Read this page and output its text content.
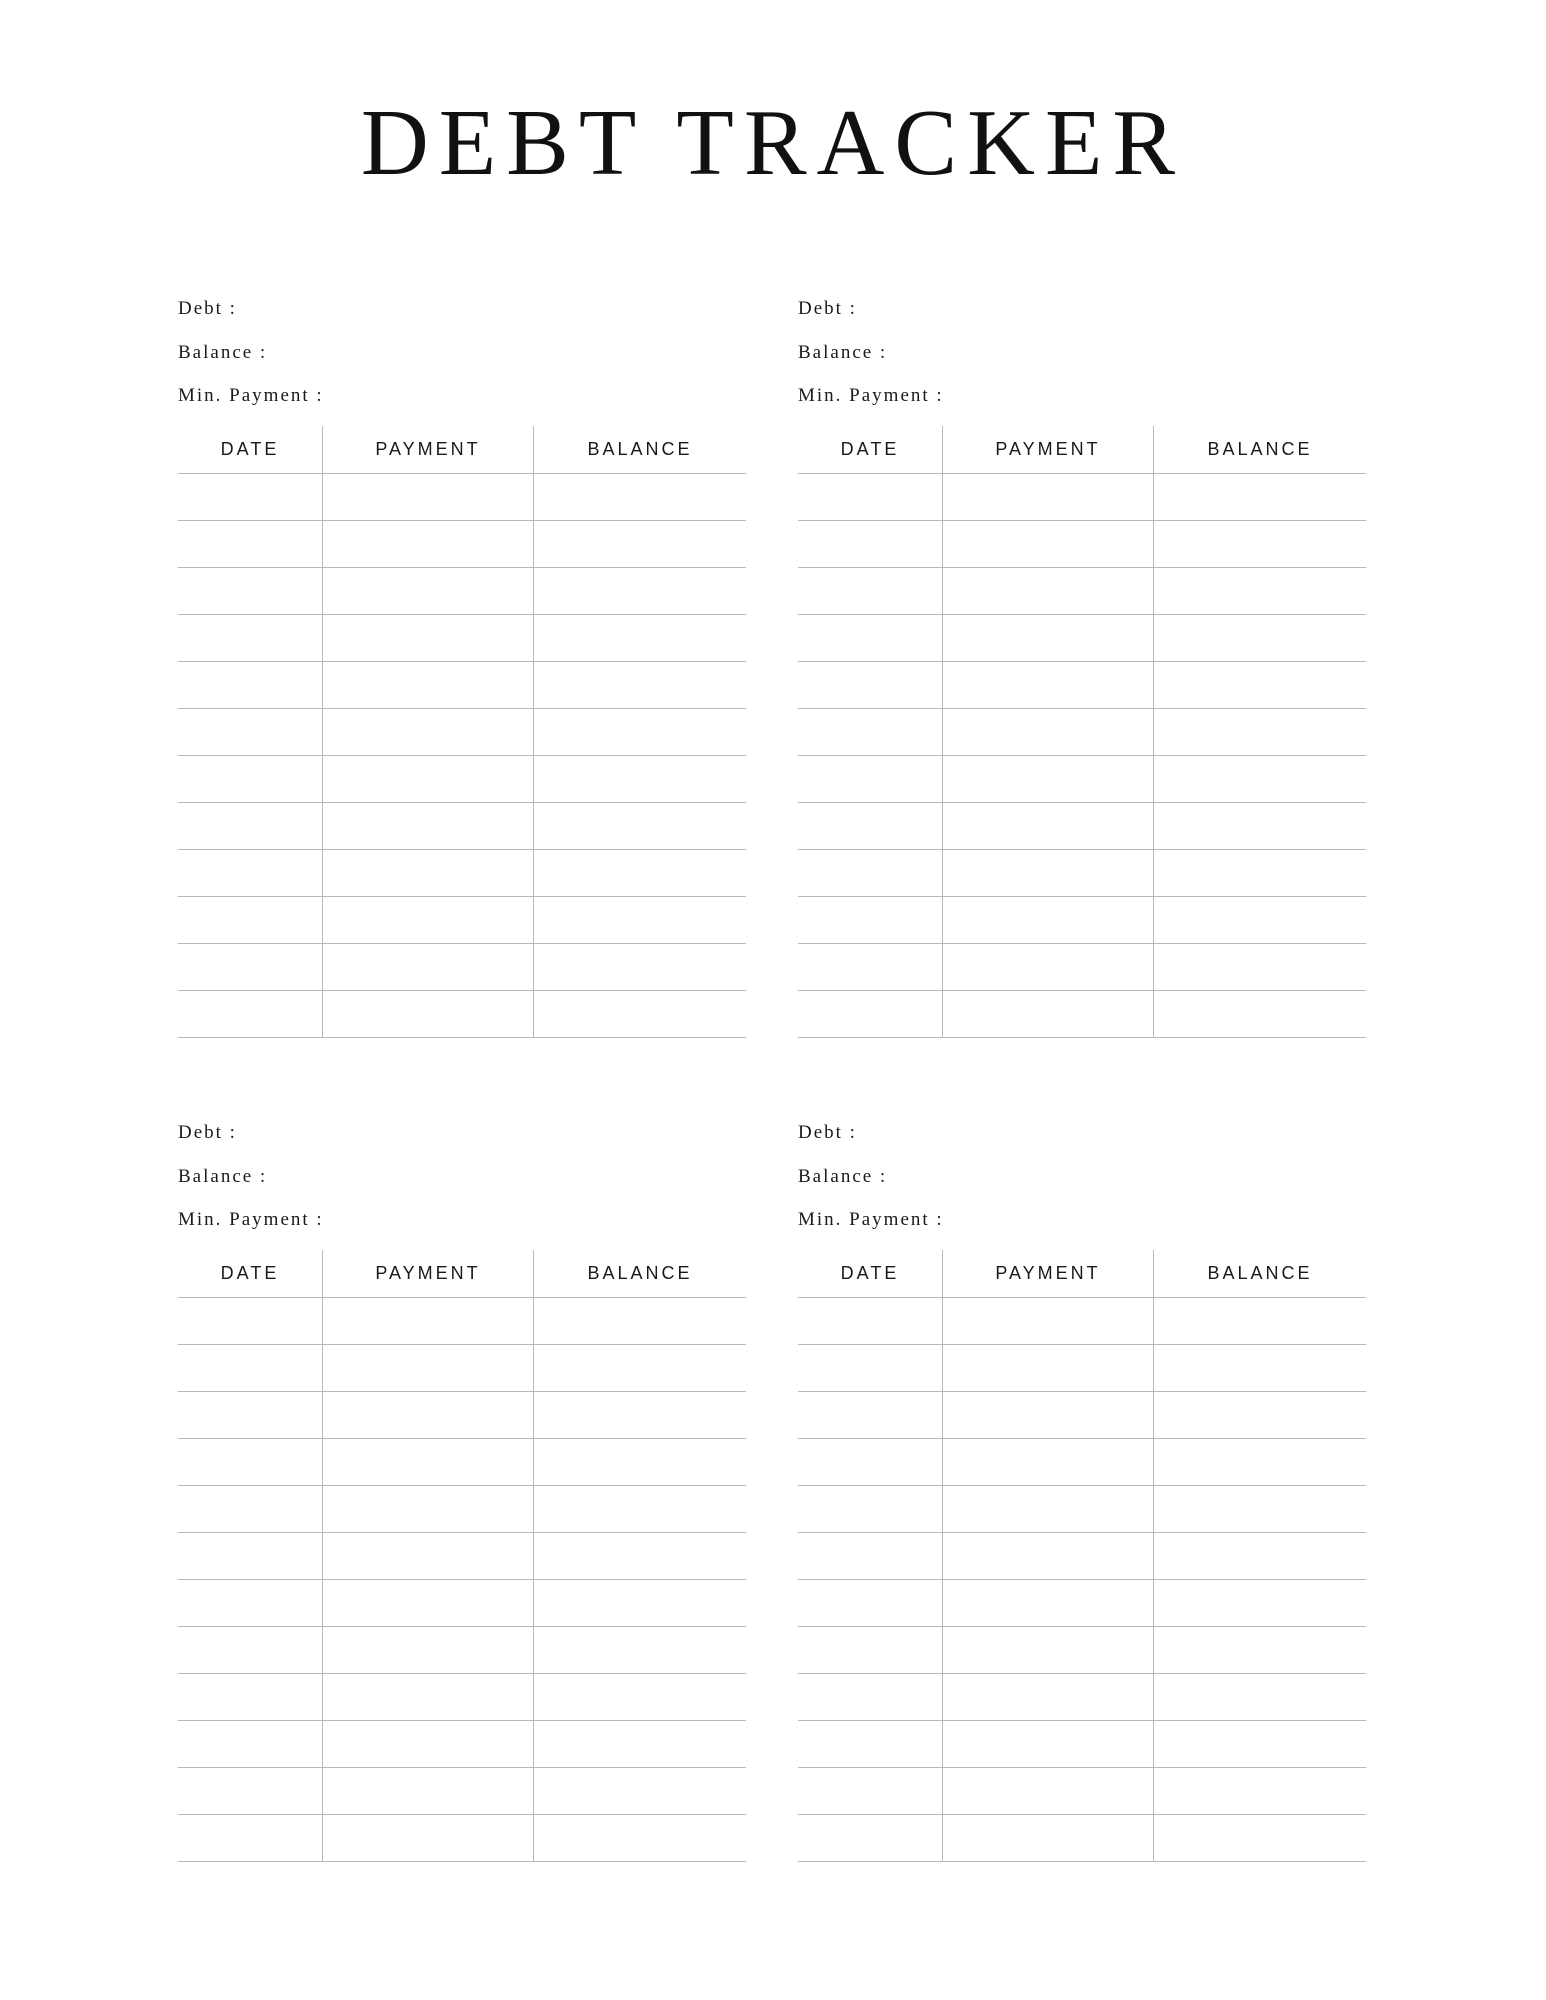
DEBT TRACKER
Debt :
Balance :
Min. Payment :
DATE	PAYMENT	BALANCE

Debt :
Balance :
Min. Payment :
DATE	PAYMENT	BALANCE

Debt :
Balance :
Min. Payment :
DATE	PAYMENT	BALANCE

Debt :
Balance :
Min. Payment :
DATE	PAYMENT	BALANCE
